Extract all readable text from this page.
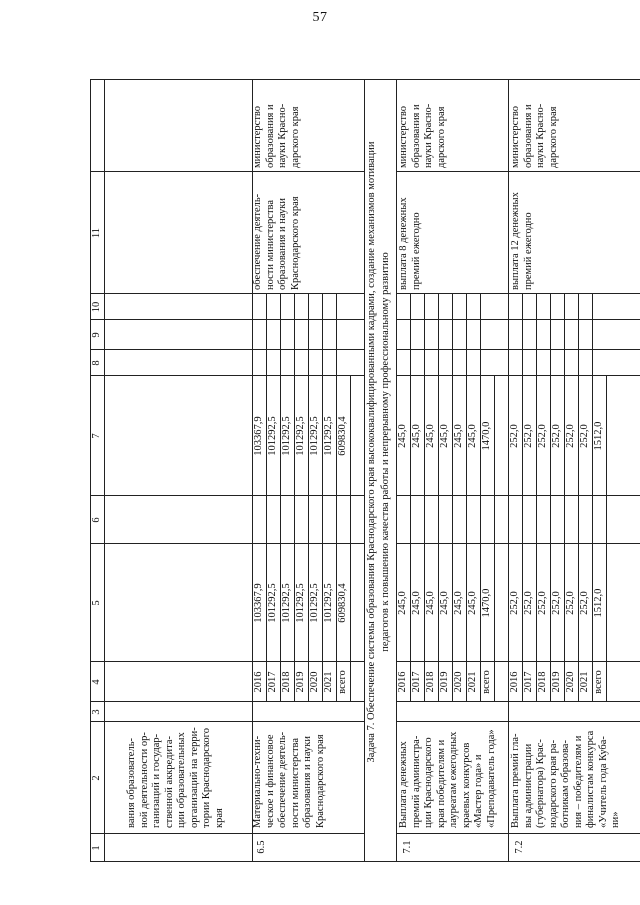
57
1
2
3
4
5
6
7
8
9
10
11
вания образователь-
ной деятельности ор-
ганизаций и государ-
ственной аккредита-
ции образовательных
организаций на терри-
тории Краснодарского
края
6.5
Материально-техни-
ческое и финансовое
обеспечение деятель-
ности министерства
образования и науки
Краснодарского края
2016
103367,9
103367,9
2017
101292,5
101292,5
2018
101292,5
101292,5
2019
101292,5
101292,5
2020
101292,5
101292,5
2021
101292,5
101292,5
всего
609830,4
609830,4
обеспечение деятель-
ности министерства
образования и науки
Краснодарского края
министерство
образования и
науки Красно-
дарского края
Задача 7. Обеспечение системы образования Краснодарского края высококвалифицированными кадрами, создание механизмов мотивации педагогов к повышению качества работы и непрерывному профессиональному развитию
7.1
Выплата денежных
премий администра-
ции Краснодарского
края победителям и
лауреатам ежегодных
краевых конкурсов
«Мастер года» и
«Преподаватель года»
2016
245,0
245,0
2017
245,0
245,0
2018
245,0
245,0
2019
245,0
245,0
2020
245,0
245,0
2021
245,0
245,0
всего
1470,0
1470,0
выплата 8 денежных
премий ежегодно
министерство
образования и
науки Красно-
дарского края
7.2
Выплата премий гла-
вы администрации
(губернатора) Крас-
нодарского края ра-
ботникам образова-
ния – победителям и
финалистам конкурса
«Учитель года Куба-
ни»
2016
252,0
252,0
2017
252,0
252,0
2018
252,0
252,0
2019
252,0
252,0
2020
252,0
252,0
2021
252,0
252,0
всего
1512,0
1512,0
выплата 12 денежных
премий ежегодно
министерство
образования и
науки Красно-
дарского края
